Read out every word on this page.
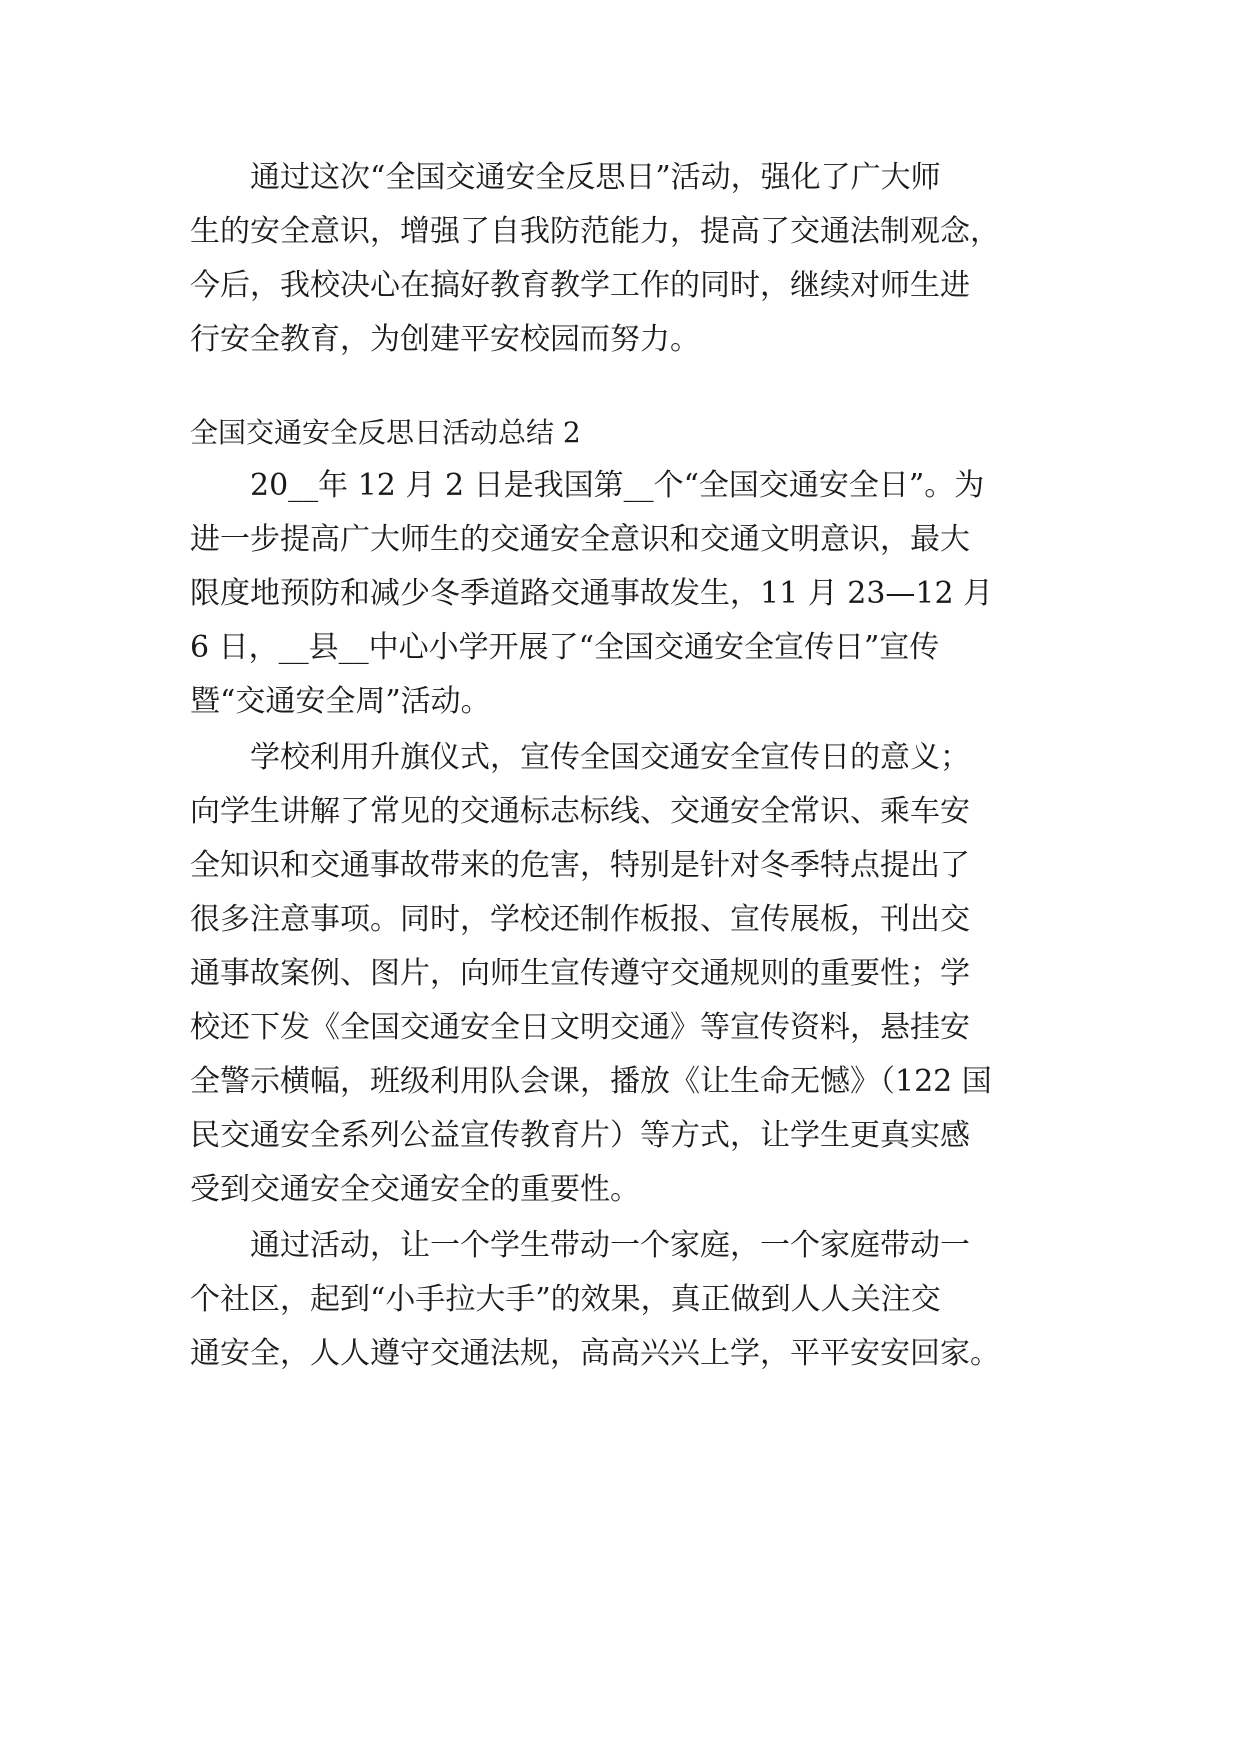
通过这次“全国交通安全反思日”活动，强化了广大师
生的安全意识，增强了自我防范能力，提高了交通法制观念，
今后，我校决心在搞好教育教学工作的同时，继续对师生进
行安全教育，为创建平安校园而努力。
全国交通安全反思日活动总结 2
20__年 12 月 2 日是我国第__个“全国交通安全日”。为
进一步提高广大师生的交通安全意识和交通文明意识，最大
限度地预防和减少冬季道路交通事故发生，11 月 23—12 月
6 日，__县__中心小学开展了“全国交通安全宣传日”宣传
暨“交通安全周”活动。
学校利用升旗仪式，宣传全国交通安全宣传日的意义；
向学生讲解了常见的交通标志标线、交通安全常识、乘车安
全知识和交通事故带来的危害，特别是针对冬季特点提出了
很多注意事项。同时，学校还制作板报、宣传展板，刊出交
通事故案例、图片，向师生宣传遵守交通规则的重要性；学
校还下发《全国交通安全日文明交通》等宣传资料，悬挂安
全警示横幅，班级利用队会课，播放《让生命无憾》（122 国
民交通安全系列公益宣传教育片）等方式，让学生更真实感
受到交通安全交通安全的重要性。
通过活动，让一个学生带动一个家庭，一个家庭带动一
个社区，起到“小手拉大手”的效果，真正做到人人关注交
通安全，人人遵守交通法规，高高兴兴上学，平平安安回家。
